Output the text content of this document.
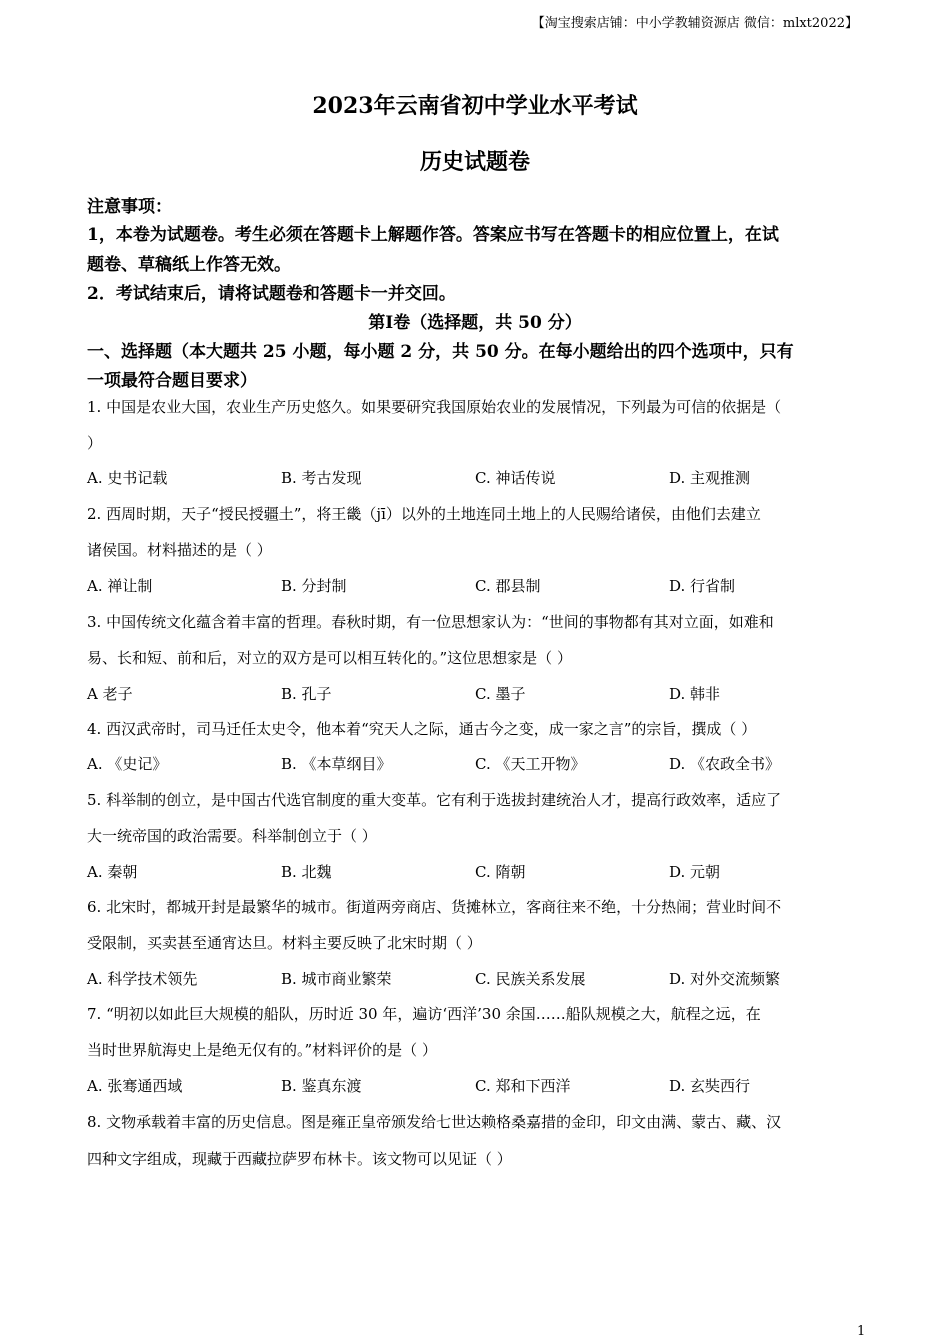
【淘宝搜索店铺：中小学教辅资源店 微信：mlxt2022】
2023年云南省初中学业水平考试
历史试题卷
注意事项：
1，本卷为试题卷。考生必须在答题卡上解题作答。答案应书写在答题卡的相应位置上，在试
题卷、草稿纸上作答无效。
2．考试结束后，请将试题卷和答题卡一并交回。
第Ⅰ卷（选择题，共 50 分）
一、选择题（本大题共 25 小题，每小题 2 分，共 50 分。在每小题给出的四个选项中，只有
一项最符合题目要求）
1. 中国是农业大国，农业生产历史悠久。如果要研究我国原始农业的发展情况，下列最为可信的依据是（
）
A. 史书记载	B. 考古发现	C. 神话传说	D. 主观推测
2. 西周时期，天子“授民授疆土”，将王畿（jī）以外的土地连同土地上的人民赐给诸侯，由他们去建立
诸侯国。材料描述的是（ ）
A. 禅让制	B. 分封制	C. 郡县制	D. 行省制
3. 中国传统文化蕴含着丰富的哲理。春秋时期，有一位思想家认为：“世间的事物都有其对立面，如难和
易、长和短、前和后，对立的双方是可以相互转化的。”这位思想家是（ ）
A 老子	B. 孔子	C. 墨子	D. 韩非
4. 西汉武帝时，司马迁任太史令，他本着“究天人之际，通古今之变，成一家之言”的宗旨，撰成（ ）
A. 《史记》	B. 《本草纲目》	C. 《天工开物》	D. 《农政全书》
5. 科举制的创立，是中国古代选官制度的重大变革。它有利于选拔封建统治人才，提高行政效率，适应了
大一统帝国的政治需要。科举制创立于（ ）
A. 秦朝	B. 北魏	C. 隋朝	D. 元朝
6. 北宋时，都城开封是最繁华的城市。街道两旁商店、货摊林立，客商往来不绝，十分热闹；营业时间不
受限制，买卖甚至通宵达旦。材料主要反映了北宋时期（ ）
A. 科学技术领先	B. 城市商业繁荣	C. 民族关系发展	D. 对外交流频繁
7. “明初以如此巨大规模的船队，历时近 30 年，遍访‘西洋’30 余国……船队规模之大，航程之远，在
当时世界航海史上是绝无仅有的。”材料评价的是（ ）
A. 张骞通西域	B. 鉴真东渡	C. 郑和下西洋	D. 玄奘西行
8. 文物承载着丰富的历史信息。图是雍正皇帝颁发给七世达赖格桑嘉措的金印，印文由满、蒙古、藏、汉
四种文字组成，现藏于西藏拉萨罗布林卡。该文物可以见证（ ）
1
